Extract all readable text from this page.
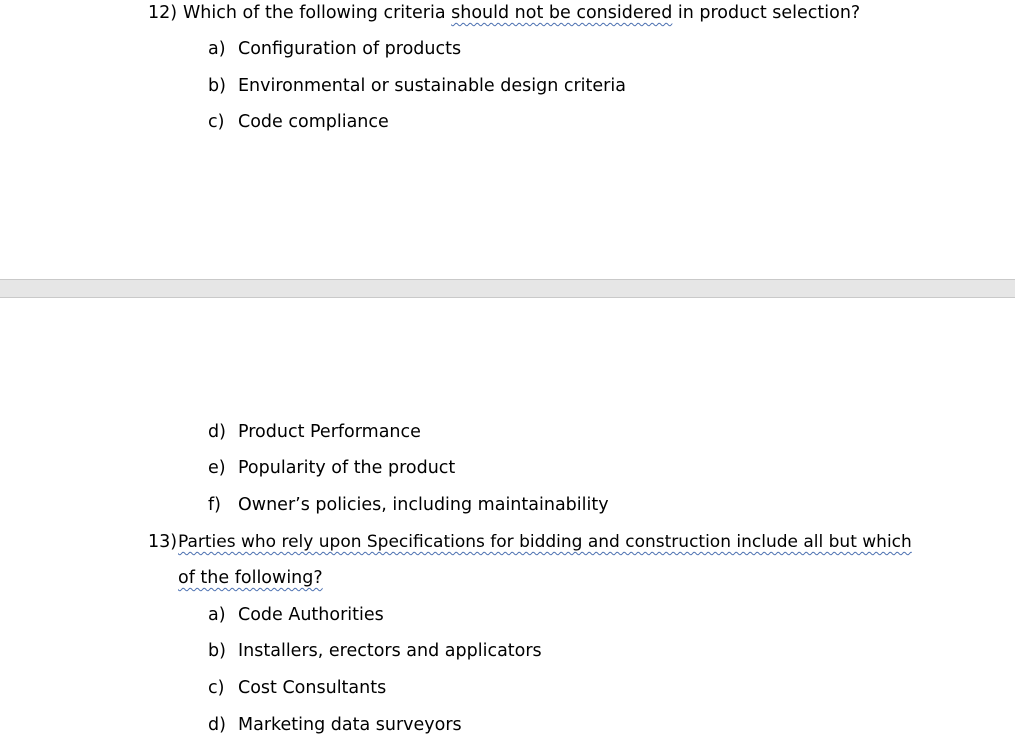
12) Which of the following criteria should not be considered in product selection?
a) Configuration of products
b) Environmental or sustainable design criteria
c) Code compliance
d) Product Performance
e) Popularity of the product
f) Owner’s policies, including maintainability
13) Parties who rely upon Specifications for bidding and construction include all but which
of the following?
a) Code Authorities
b) Installers, erectors and applicators
c) Cost Consultants
d) Marketing data surveyors
